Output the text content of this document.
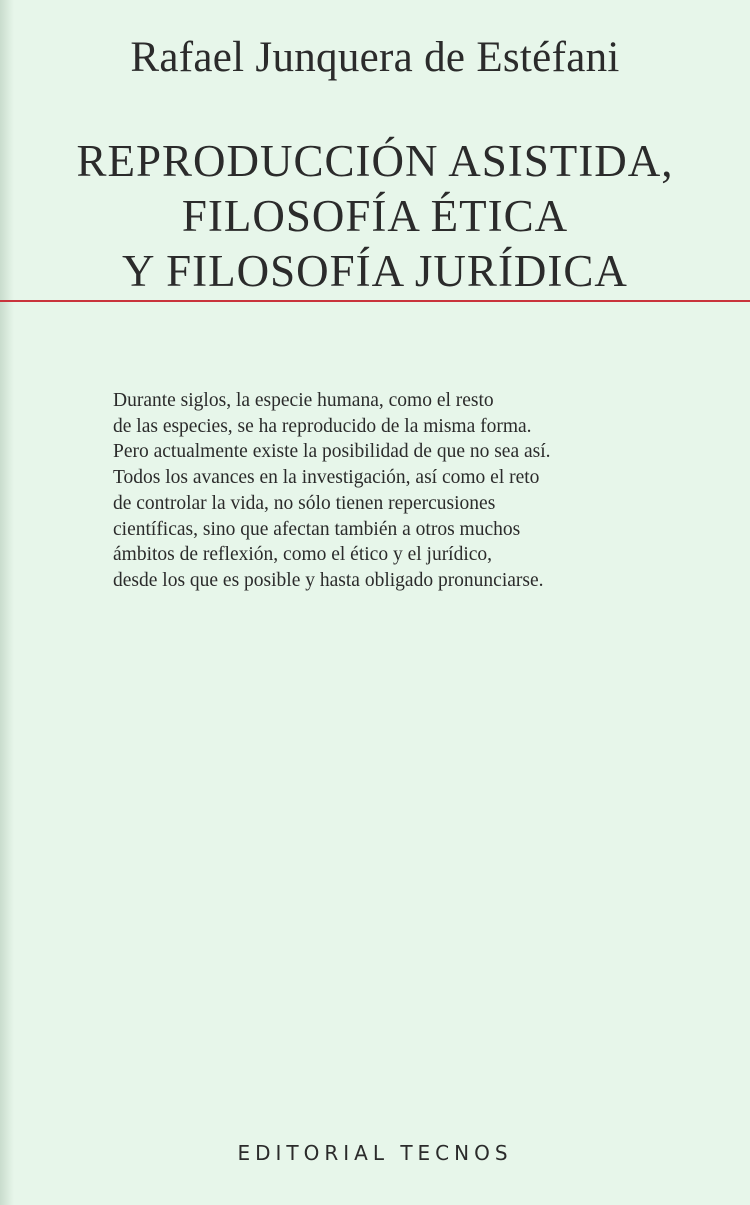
Rafael Junquera de Estéfani
REPRODUCCIÓN ASISTIDA,
FILOSOFÍA ÉTICA
Y FILOSOFÍA JURÍDICA
Durante siglos, la especie humana, como el resto
de las especies, se ha reproducido de la misma forma.
Pero actualmente existe la posibilidad de que no sea así.
Todos los avances en la investigación, así como el reto
de controlar la vida, no sólo tienen repercusiones
científicas, sino que afectan también a otros muchos
ámbitos de reflexión, como el ético y el jurídico,
desde los que es posible y hasta obligado pronunciarse.
EDITORIAL TECNOS
